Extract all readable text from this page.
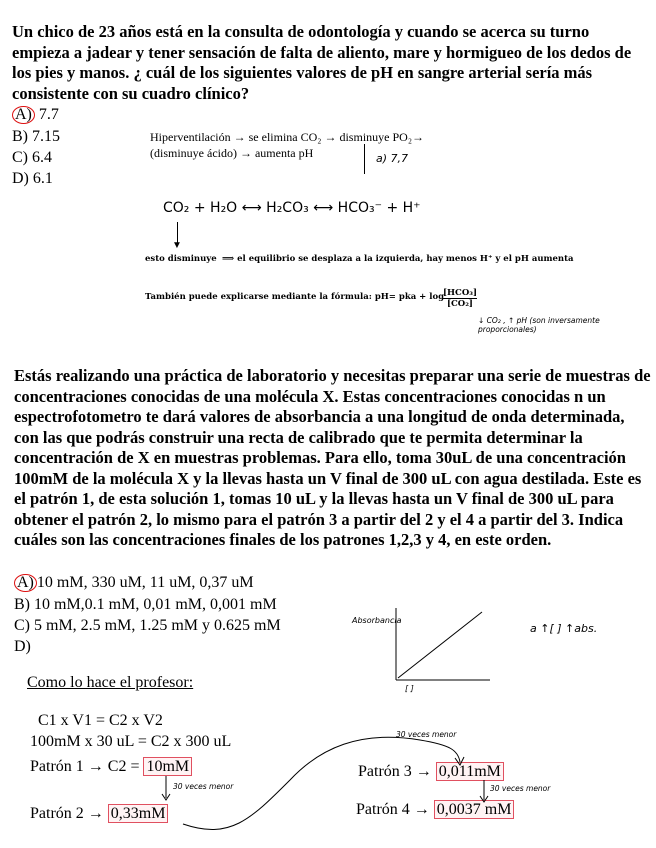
Un chico de 23 años está en la consulta de odontología y cuando se acerca su turno empieza a jadear y tener sensación de falta de aliento, mare y hormigueo de los dedos de los pies y manos. ¿ cuál de los siguientes valores de pH en sangre arterial sería más consistente con su cuadro clínico?
A) 7.7
B) 7.15
C) 6.4
D) 6.1
Hiperventilación → se elimina CO₂ → disminuye PO₂→
(disminuye ácido) → aumenta pH	a) 7,7
CO₂ + H₂O ⟷ H₂CO₃ ⟷ HCO₃⁻ + H⁺
▼
esto disminuye ⟹ el equilibrio se desplaza a la izquierda, hay menos H⁺ y el pH aumenta
También puede explicarse mediante la fórmula: pH= pka + log
[HCO₃]
[CO₂]
↓ CO₂ , ↑ pH (son inversamente proporcionales)
Estás realizando una práctica de laboratorio y necesitas preparar una serie de muestras de concentraciones conocidas de una molécula X. Estas concentraciones conocidas n un espectrofotometro te dará valores de absorbancia a una longitud de onda determinada, con las que podrás construir una recta de calibrado que te permita determinar la concentración de X en muestras problemas. Para ello, toma 30uL de una concentración 100mM de la molécula X y la llevas hasta un V final de 300 uL con agua destilada. Este es el patrón 1, de esta solución 1, tomas 10 uL y la llevas hasta un V final de 300 uL para obtener el patrón 2, lo mismo para el patrón 3 a partir del 2 y el 4 a partir del 3. Indica cuáles son las concentraciones finales de los patrones 1,2,3 y 4, en este orden.
A) 10 mM, 330 uM, 11 uM, 0,37 uM
B) 10 mM,0.1 mM, 0,01 mM, 0,001 mM
C) 5 mM, 2.5 mM, 1.25 mM y 0.625 mM
D)
Absorbancia
[ ]
a ↑[ ] ↑abs.
Como lo hace el profesor:
C1 x V1 = C2 x V2
100mM x 30 uL = C2 x 300 uL
Patrón 1 → C2 = 10mM
Patrón 2 → 0,33mM
Patrón 3 → 0,011mM
Patrón 4 → 0,0037 mM
30 veces menor
30 veces menor
30 veces menor
